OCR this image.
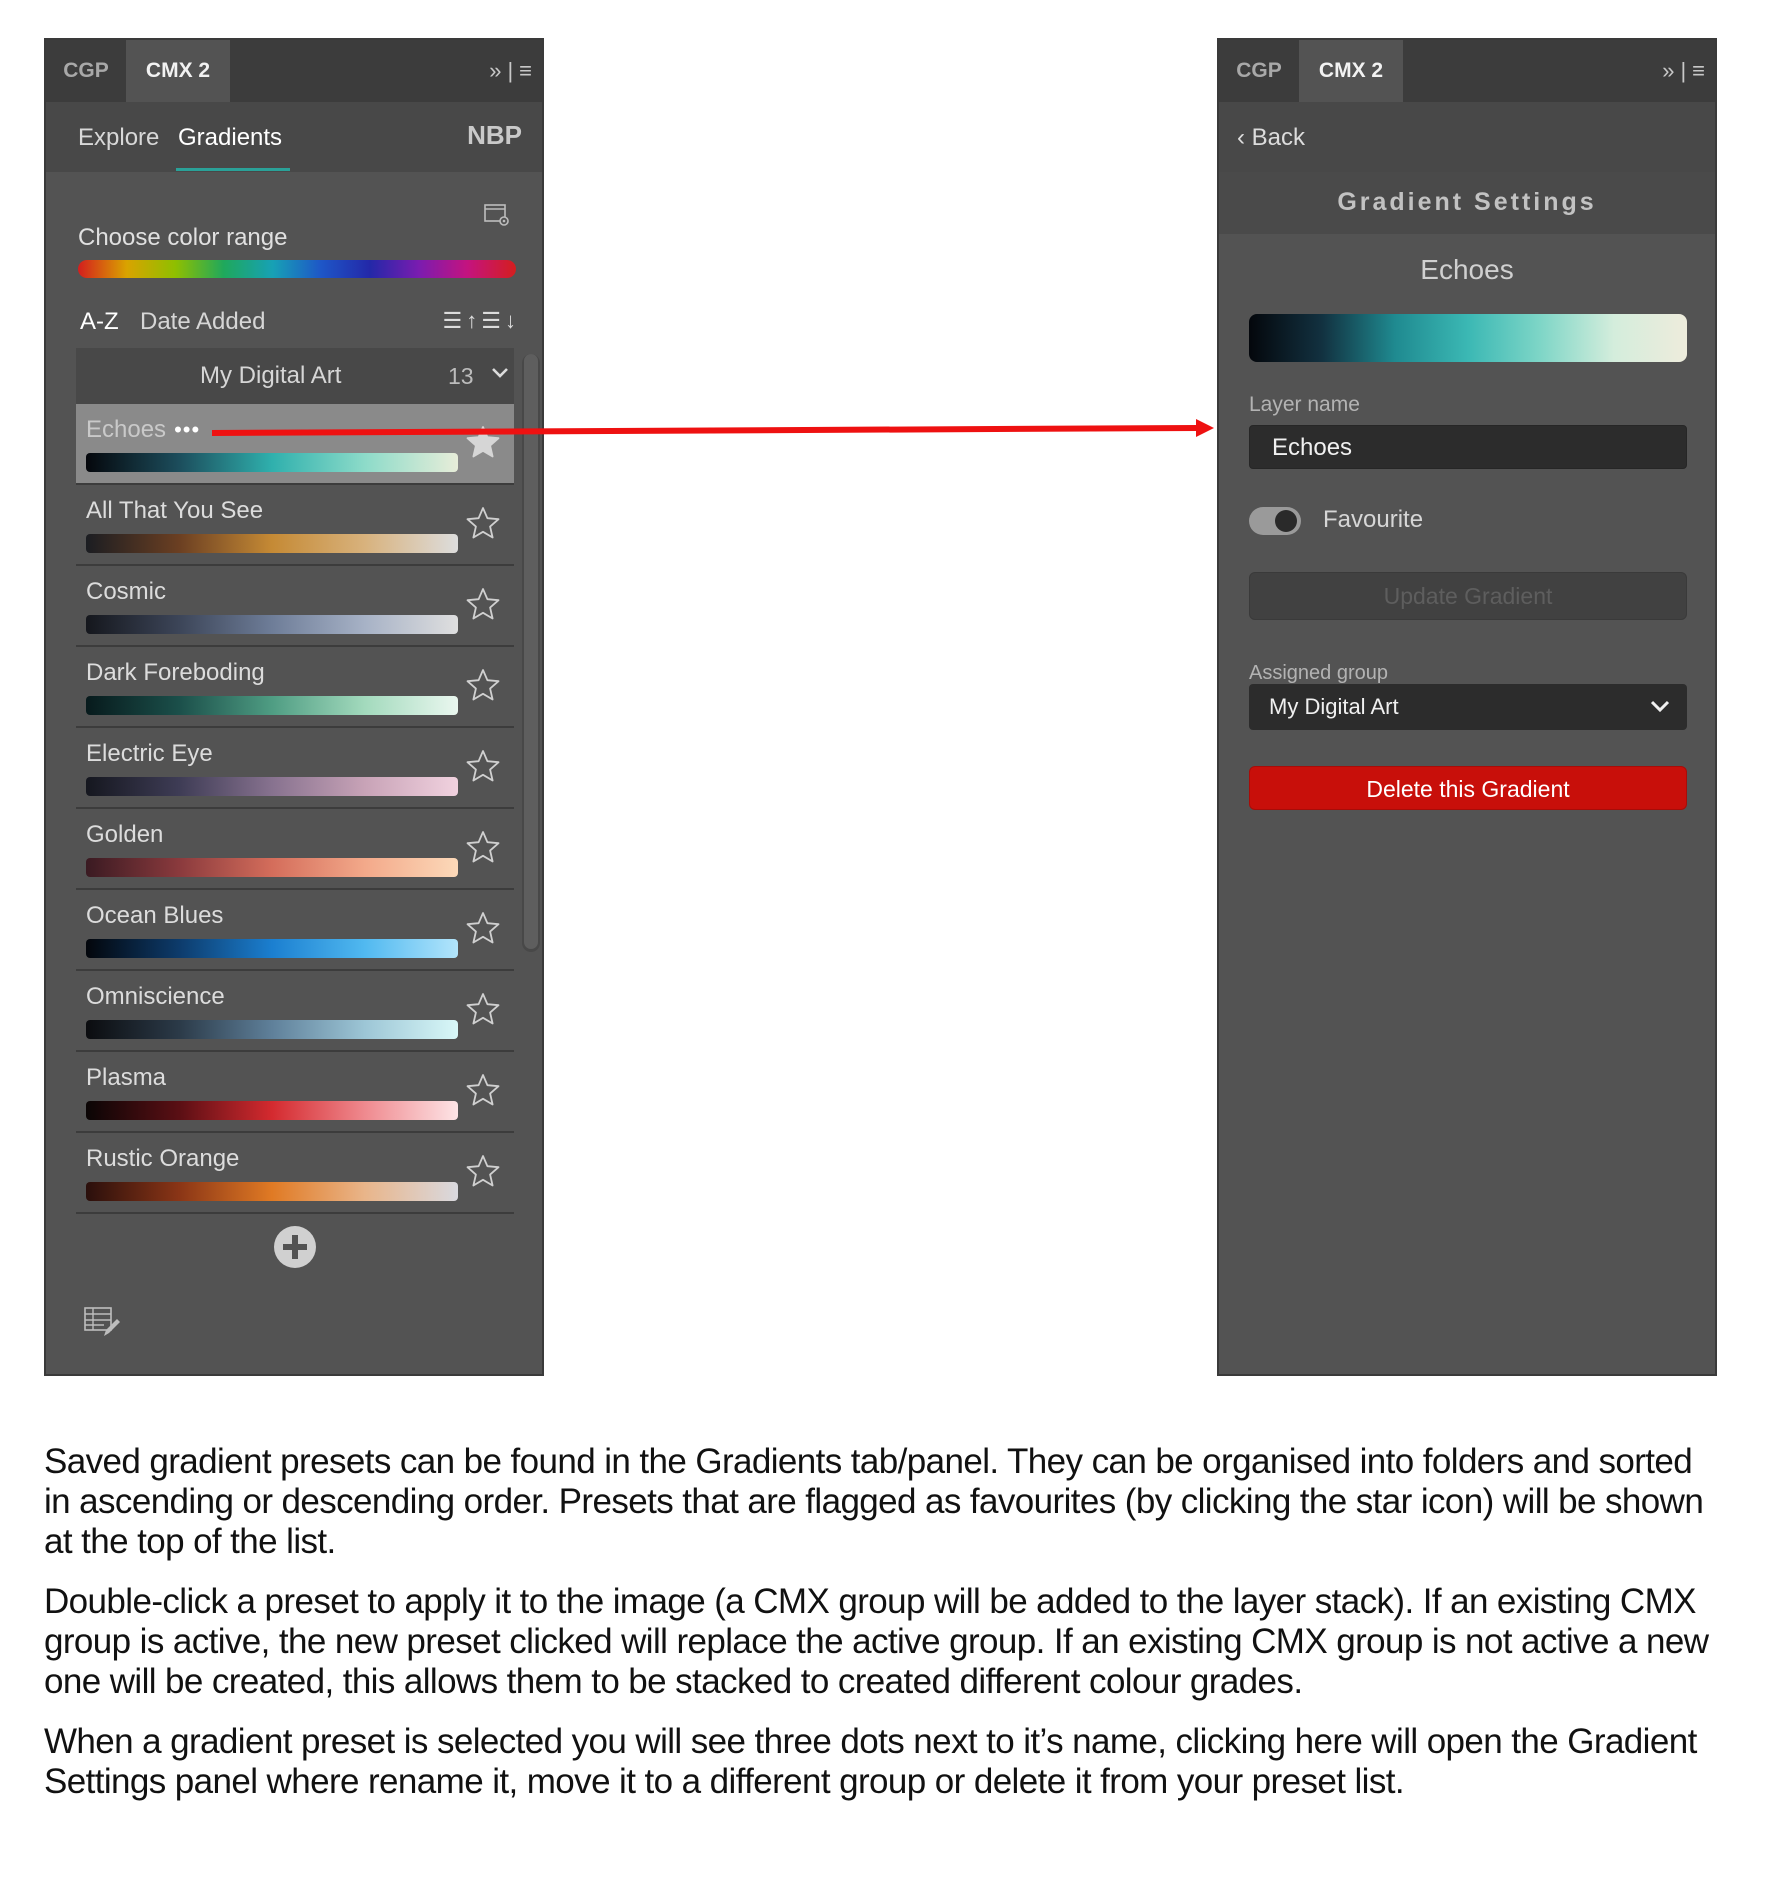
CGP	CMX 2	» | ≡
Explore Gradients	NBP
Choose color range
A-Z Date Added	☰↑☰↓
My Digital Art	13
Echoes •••
All That You See
Cosmic
Dark Foreboding
Electric Eye
Golden
Ocean Blues
Omniscience
Plasma
Rustic Orange
CGP	CMX 2	» | ≡
‹ Back
Gradient Settings
Echoes
Layer name
Echoes
Favourite
Update Gradient
Assigned group
My Digital Art
Delete this Gradient
Saved gradient presets can be found in the Gradients tab/panel. They can be organised into folders and sorted in ascending or descending order. Presets that are flagged as favourites (by clicking the star icon) will be shown at the top of the list.
Double-click a preset to apply it to the image (a CMX group will be added to the layer stack). If an existing CMX group is active, the new preset clicked will replace the active group. If an existing CMX group is not active a new one will be created, this allows them to be stacked to created different colour grades.
When a gradient preset is selected you will see three dots next to it’s name, clicking here will open the Gradient Settings panel where rename it, move it to a different group or delete it from your preset list.
